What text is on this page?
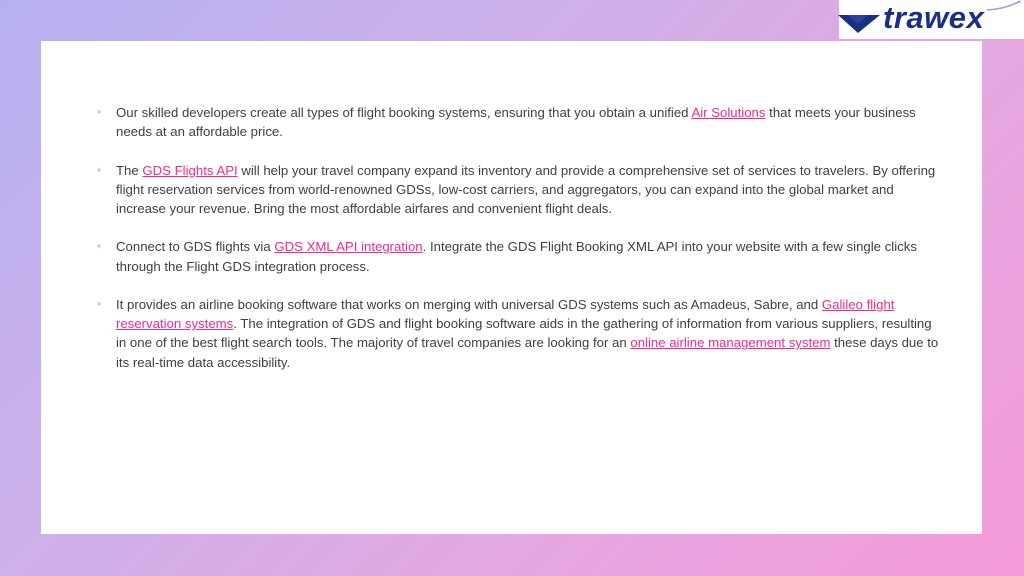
trawex
• Our skilled developers create all types of flight booking systems, ensuring that you obtain a unified Air Solutions that meets your business needs at an affordable price.
• The GDS Flights API will help your travel company expand its inventory and provide a comprehensive set of services to travelers. By offering flight reservation services from world-renowned GDSs, low-cost carriers, and aggregators, you can expand into the global market and increase your revenue. Bring the most affordable airfares and convenient flight deals.
• Connect to GDS flights via GDS XML API integration. Integrate the GDS Flight Booking XML API into your website with a few single clicks through the Flight GDS integration process.
• It provides an airline booking software that works on merging with universal GDS systems such as Amadeus, Sabre, and Galileo flight reservation systems. The integration of GDS and flight booking software aids in the gathering of information from various suppliers, resulting in one of the best flight search tools. The majority of travel companies are looking for an online airline management system these days due to its real-time data accessibility.
